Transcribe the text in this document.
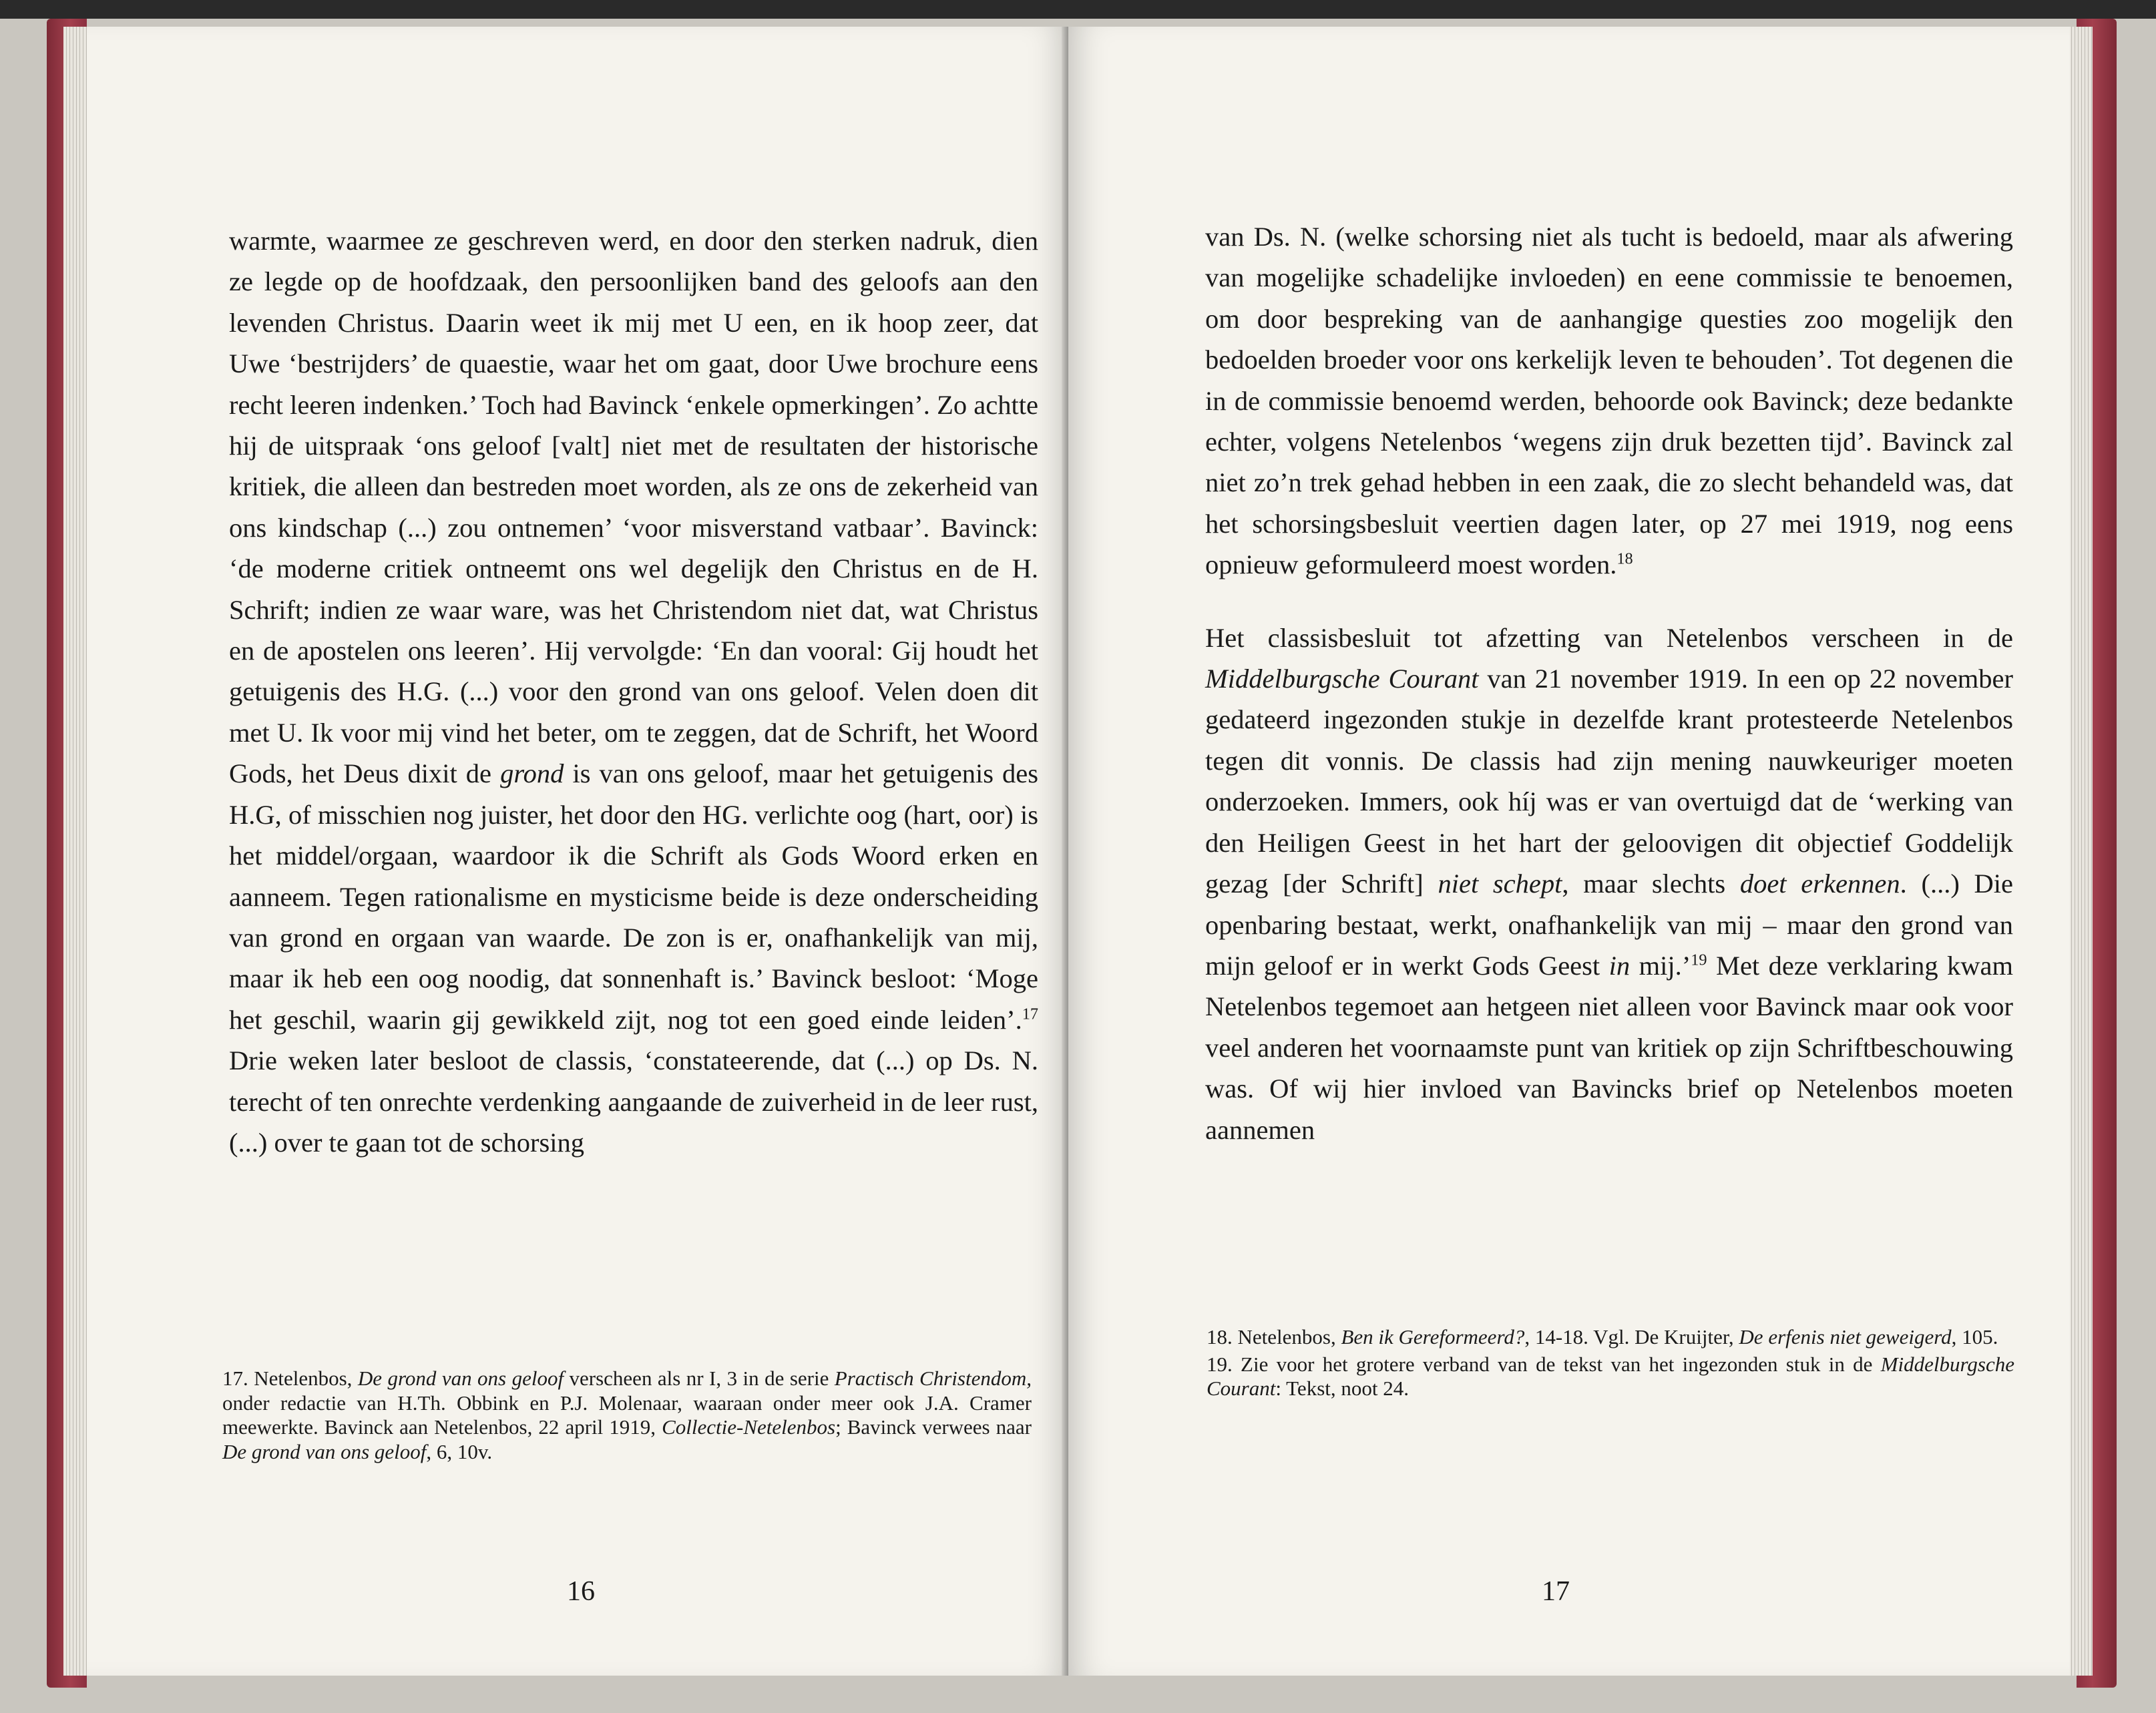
warmte, waarmee ze geschreven werd, en door den sterken nadruk, dien ze legde op de hoofdzaak, den persoonlijken band des geloofs aan den levenden Christus. Daarin weet ik mij met U een, en ik hoop zeer, dat Uwe ‘bestrijders’ de quaestie, waar het om gaat, door Uwe brochure eens recht leeren indenken.’ Toch had Bavinck ‘enkele opmerkingen’. Zo achtte hij de uitspraak ‘ons geloof [valt] niet met de resultaten der historische kritiek, die alleen dan bestreden moet worden, als ze ons de zekerheid van ons kindschap (...) zou ontnemen’ ‘voor misverstand vatbaar’. Bavinck: ‘de moderne critiek ontneemt ons wel degelijk den Christus en de H. Schrift; indien ze waar ware, was het Christendom niet dat, wat Christus en de apostelen ons leeren’. Hij vervolgde: ‘En dan vooral: Gij houdt het getuigenis des H.G. (...) voor den grond van ons geloof. Velen doen dit met U. Ik voor mij vind het beter, om te zeggen, dat de Schrift, het Woord Gods, het Deus dixit de grond is van ons geloof, maar het getuigenis des H.G, of misschien nog juister, het door den HG. verlichte oog (hart, oor) is het middel/orgaan, waardoor ik die Schrift als Gods Woord erken en aanneem. Tegen rationalisme en mysticisme beide is deze onderscheiding van grond en orgaan van waarde. De zon is er, onafhankelijk van mij, maar ik heb een oog noodig, dat sonnenhaft is.’ Bavinck besloot: ‘Moge het geschil, waarin gij gewikkeld zijt, nog tot een goed einde leiden’.$^{17}$ Drie weken later besloot de classis, ‘constateerende, dat (...) op Ds. N. terecht of ten onrechte verdenking aangaande de zuiverheid in de leer rust, (...) over te gaan tot de schorsing

17. Netelenbos, De grond van ons geloof verscheen als nr I, 3 in de serie Practisch Christendom, onder redactie van H.Th. Obbink en P.J. Molenaar, waaraan onder meer ook J.A. Cramer meewerkte. Bavinck aan Netelenbos, 22 april 1919, Collectie-Netelenbos; Bavinck verwees naar De grond van ons geloof, 6, 10v.

16

van Ds. N. (welke schorsing niet als tucht is bedoeld, maar als afwering van mogelijke schadelijke invloeden) en eene commissie te benoemen, om door bespreking van de aanhangige questies zoo mogelijk den bedoelden broeder voor ons kerkelijk leven te behouden’. Tot degenen die in de commissie benoemd werden, behoorde ook Bavinck; deze bedankte echter, volgens Netelenbos ‘wegens zijn druk bezetten tijd’. Bavinck zal niet zo’n trek gehad hebben in een zaak, die zo slecht behandeld was, dat het schorsingsbesluit veertien dagen later, op 27 mei 1919, nog eens opnieuw geformuleerd moest worden.$^{18}$

Het classisbesluit tot afzetting van Netelenbos verscheen in de Middelburgsche Courant van 21 november 1919. In een op 22 november gedateerd ingezonden stukje in dezelfde krant protesteerde Netelenbos tegen dit vonnis. De classis had zijn mening nauwkeuriger moeten onderzoeken. Immers, ook híj was er van overtuigd dat de ‘werking van den Heiligen Geest in het hart der geloovigen dit objectief Goddelijk gezag [der Schrift] niet schept, maar slechts doet erkennen. (...) Die openbaring bestaat, werkt, onafhankelijk van mij – maar den grond van mijn geloof er in werkt Gods Geest in mij.’$^{19}$ Met deze verklaring kwam Netelenbos tegemoet aan hetgeen niet alleen voor Bavinck maar ook voor veel anderen het voornaamste punt van kritiek op zijn Schriftbeschouwing was. Of wij hier invloed van Bavincks brief op Netelenbos moeten aannemen

18. Netelenbos, Ben ik Gereformeerd?, 14-18. Vgl. De Kruijter, De erfenis niet geweigerd, 105.

19. Zie voor het grotere verband van de tekst van het ingezonden stuk in de Middelburgsche Courant: Tekst, noot 24.

17
